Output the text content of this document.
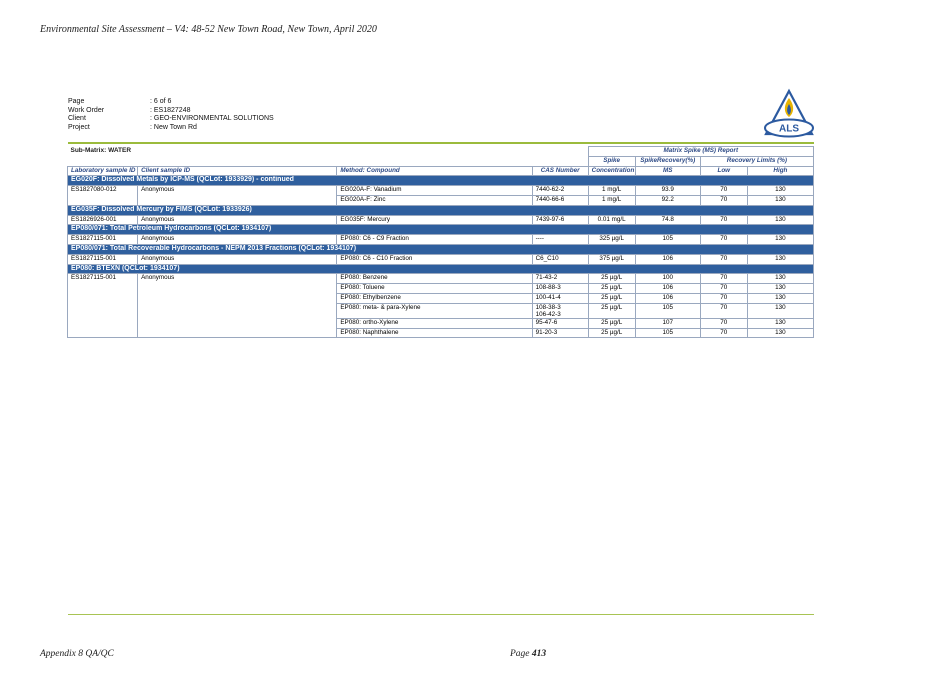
Environmental Site Assessment – V4: 48-52 New Town Road, New Town, April 2020
Page	: 6 of 6
Work Order	: ES1827248
Client	: GEO-ENVIRONMENTAL SOLUTIONS
Project	: New Town Rd	ALS
Sub-Matrix: WATER				Matrix Spike (MS) Report			
				Spike	SpikeRecovery(%)	Recovery Limits (%)	
Laboratory sample ID	Client sample ID	Method: Compound	CAS Number	Concentration	MS	Low	High
EG020F: Dissolved Metals by ICP-MS (QCLot: 1933929) - continued							
ES1827080-012	Anonymous	EG020A-F: Vanadium	7440-62-2	1 mg/L	93.9	70	130
		EG020A-F: Zinc	7440-66-6	1 mg/L	92.2	70	130
EG035F: Dissolved Mercury by FIMS (QCLot: 1933926)							
ES1826926-001	Anonymous	EG035F: Mercury	7439-97-6	0.01 mg/L	74.8	70	130
EP080/071: Total Petroleum Hydrocarbons (QCLot: 1934107)							
ES1827115-001	Anonymous	EP080: C6 - C9 Fraction	----	325 µg/L	105	70	130
EP080/071: Total Recoverable Hydrocarbons - NEPM 2013 Fractions (QCLot: 1934107)							
ES1827115-001	Anonymous	EP080: C6 - C10 Fraction	C6_C10	375 µg/L	106	70	130
EP080: BTEXN (QCLot: 1934107)							
ES1827115-001	Anonymous	EP080: Benzene	71-43-2	25 µg/L	100	70	130
		EP080: Toluene	108-88-3	25 µg/L	106	70	130
		EP080: Ethylbenzene	100-41-4	25 µg/L	106	70	130
		EP080: meta- & para-Xylene	108-38-3
106-42-3	25 µg/L	105	70	130
		EP080: ortho-Xylene	95-47-6	25 µg/L	107	70	130
		EP080: Naphthalene	91-20-3	25 µg/L	105	70	130
Appendix 8 QA/QC	Page 413
